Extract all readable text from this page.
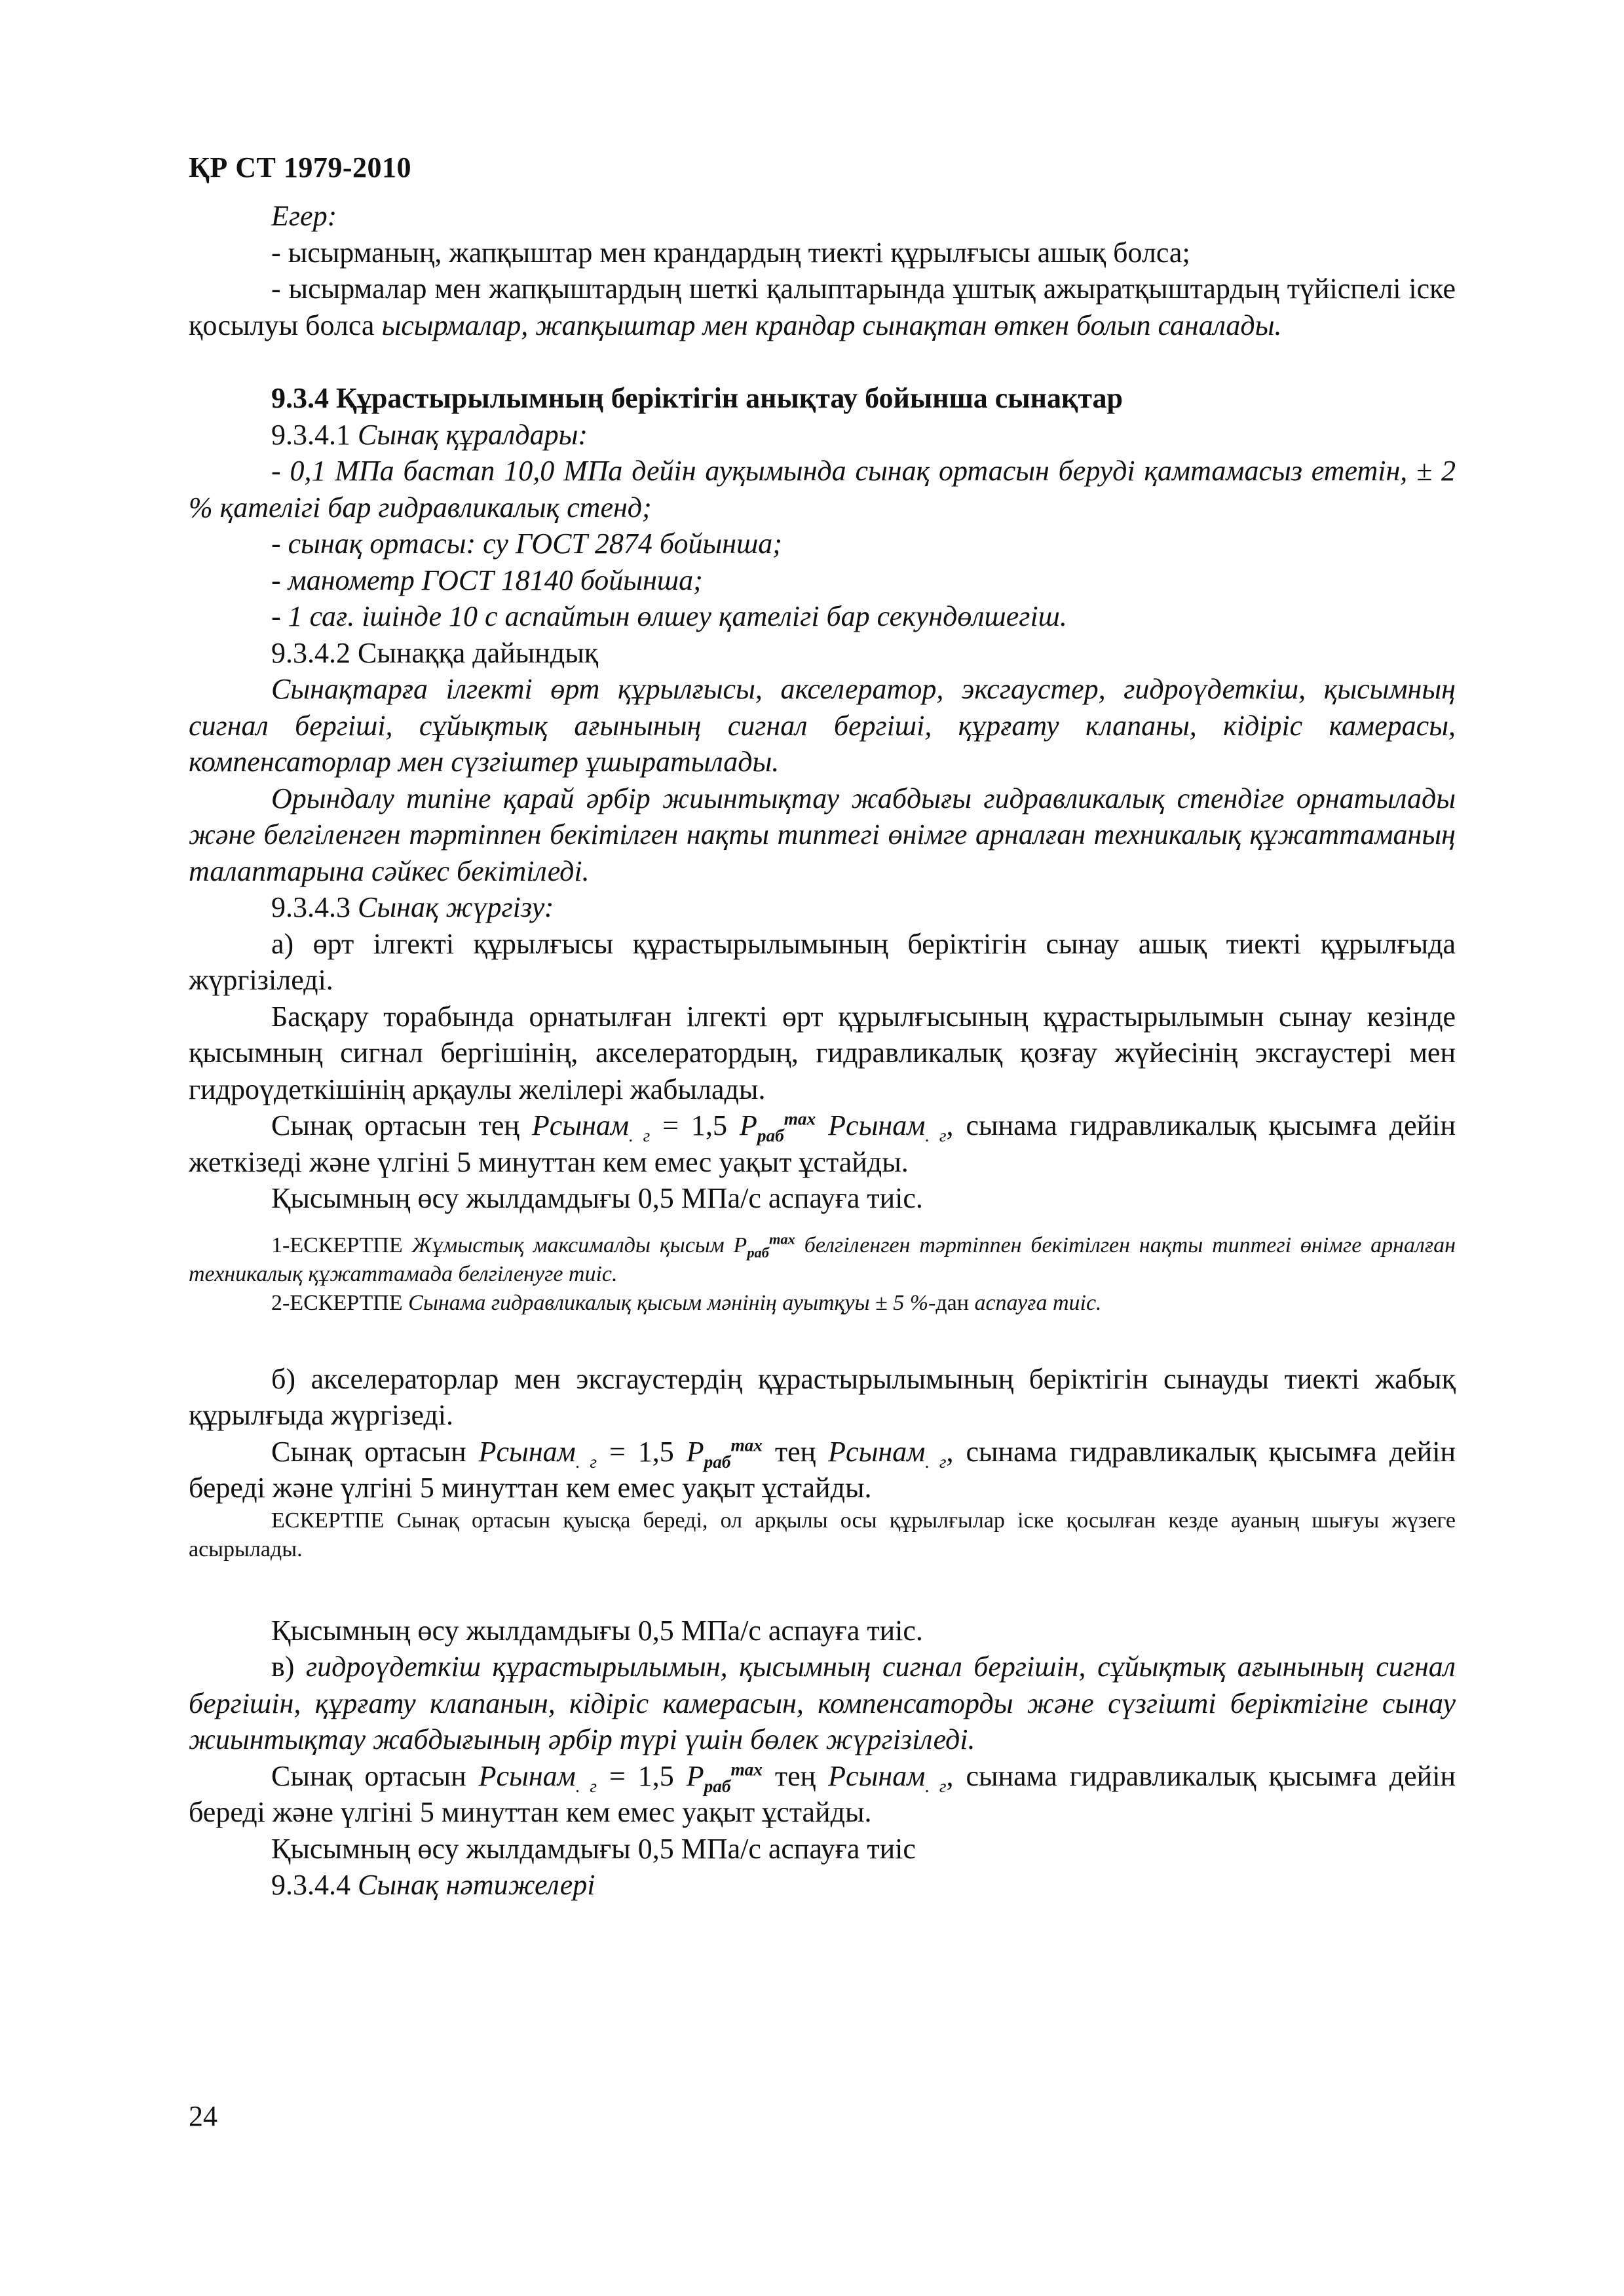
ҚР СТ 1979-2010

Егер:

- ысырманың, жапқыштар мен крандардың тиекті құрылғысы ашық болса;

- ысырмалар мен жапқыштардың шеткі қалыптарында ұштық ажыратқыштардың түйіспелі іске қосылуы болса ысырмалар, жапқыштар мен крандар сынақтан өткен болып саналады.

9.3.4 Құрастырылымның беріктігін анықтау бойынша сынақтар

9.3.4.1 Сынақ құралдары:

- 0,1 МПа бастап 10,0 МПа дейін ауқымында сынақ ортасын беруді қамтамасыз ететін, ± 2 % қателігі бар гидравликалық стенд;

- сынақ ортасы: су ГОСТ 2874 бойынша;

- манометр ГОСТ 18140 бойынша;

- 1 сағ. ішінде 10 с аспайтын өлшеу қателігі бар секундөлшегіш.

9.3.4.2 Сынаққа дайындық

Сынақтарға ілгекті өрт құрылғысы, акселератор, эксгаустер, гидроүдеткіш, қысымның сигнал бергіші, сұйықтық ағынының сигнал бергіші, құрғату клапаны, кідіріс камерасы, компенсаторлар мен сүзгіштер ұшыратылады.

Орындалу типіне қарай әрбір жиынтықтау жабдығы гидравликалық стендіге орнатылады және белгіленген тәртіппен бекітілген нақты типтегі өнімге арналған техникалық құжаттаманың талаптарына сәйкес бекітіледі.

9.3.4.3 Сынақ жүргізу:

а) өрт ілгекті құрылғысы құрастырылымының беріктігін сынау ашық тиекті құрылғыда жүргізіледі.

Басқару торабында орнатылған ілгекті өрт құрылғысының құрастырылымын сынау кезінде қысымның сигнал бергішінің, акселератордың, гидравликалық қозғау жүйесінің эксгаустері мен гидроүдеткішінің арқаулы желілері жабылады.

Сынақ ортасын тең Рсынам$_{. г}$ = 1,5 $Р_{раб}^{max}$ Рсынам$_{. г}$, сынама гидравликалық қысымға дейін жеткізеді және үлгіні 5 минуттан кем емес уақыт ұстайды.

Қысымның өсу жылдамдығы 0,5 МПа/с аспауға тиіс.

1-ЕСКЕРТПЕ Жұмыстық максималды қысым $Р_{раб}^{max}$ белгіленген тәртіппен бекітілген нақты типтегі өнімге арналған техникалық құжаттамада белгіленуге тиіс.

2-ЕСКЕРТПЕ Сынама гидравликалық қысым мәнінің ауытқуы ± 5 %-дан аспауға тиіс.

б) акселераторлар мен эксгаустердің құрастырылымының беріктігін сынауды тиекті жабық құрылғыда жүргізеді.

Сынақ ортасын Рсынам$_{. г}$ = 1,5 $Р_{раб}^{max}$ тең Рсынам$_{. г}$, сынама гидравликалық қысымға дейін береді және үлгіні 5 минуттан кем емес уақыт ұстайды.

ЕСКЕРТПЕ Сынақ ортасын қуысқа береді, ол арқылы осы құрылғылар іске қосылған кезде ауаның шығуы жүзеге асырылады.

Қысымның өсу жылдамдығы 0,5 МПа/с аспауға тиіс.

в) гидроүдеткіш құрастырылымын, қысымның сигнал бергішін, сұйықтық ағынының сигнал бергішін, құрғату клапанын, кідіріс камерасын, компенсаторды және сүзгішті беріктігіне сынау жиынтықтау жабдығының әрбір түрі үшін бөлек жүргізіледі.

Сынақ ортасын Рсынам$_{. г}$ = 1,5 $Р_{раб}^{max}$ тең Рсынам$_{. г}$, сынама гидравликалық қысымға дейін береді және үлгіні 5 минуттан кем емес уақыт ұстайды.

Қысымның өсу жылдамдығы 0,5 МПа/с аспауға тиіс

9.3.4.4 Сынақ нәтижелері

24
